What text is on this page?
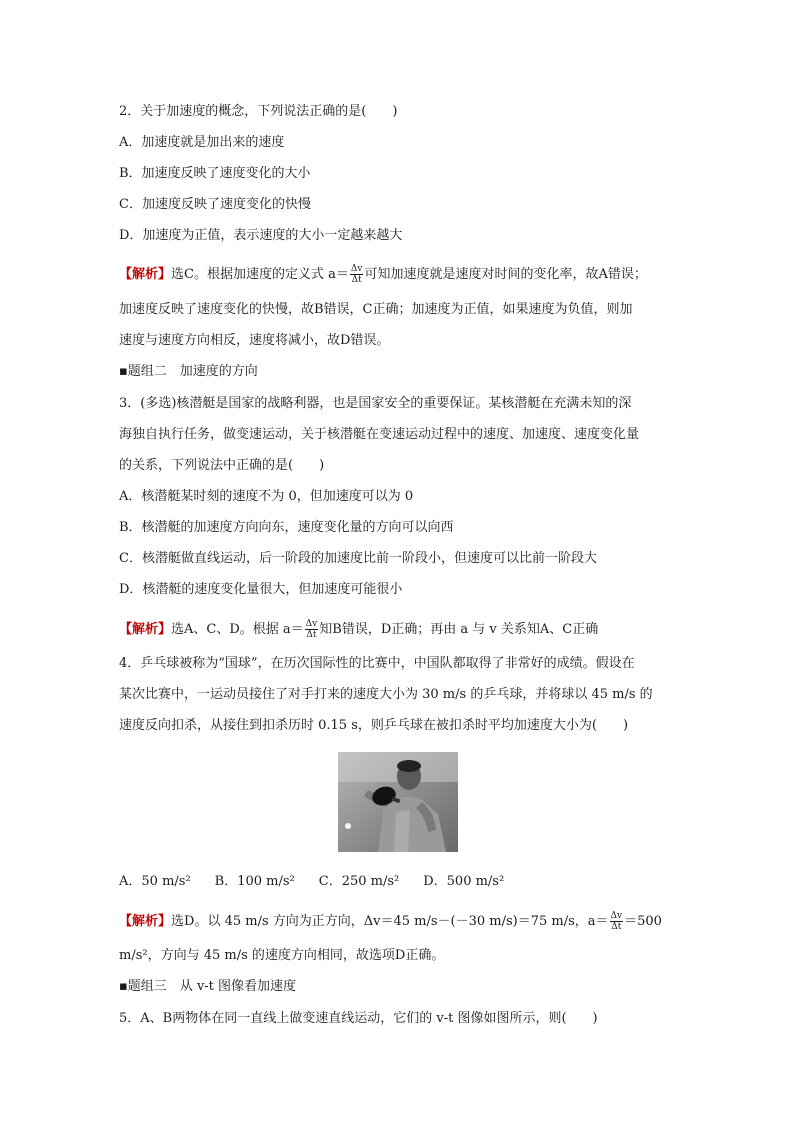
2．关于加速度的概念，下列说法正确的是(　　)
A．加速度就是加出来的速度
B．加速度反映了速度变化的大小
C．加速度反映了速度变化的快慢
D．加速度为正值，表示速度的大小一定越来越大
【解析】选C。根据加速度的定义式 $a= \frac{\Delta v}{\Delta t}$ 可知加速度就是速度对时间的变化率，故A错误；
加速度反映了速度变化的快慢，故B错误，C正确；加速度为正值，如果速度为负值，则加
速度与速度方向相反，速度将减小，故D错误。
▪题组二　加速度的方向
3．(多选)核潜艇是国家的战略利器，也是国家安全的重要保证。某核潜艇在充满未知的深
海独自执行任务，做变速运动，关于核潜艇在变速运动过程中的速度、加速度、速度变化量
的关系，下列说法中正确的是(　　)
A．核潜艇某时刻的速度不为 0，但加速度可以为 0
B．核潜艇的加速度方向向东，速度变化量的方向可以向西
C．核潜艇做直线运动，后一阶段的加速度比前一阶段小，但速度可以比前一阶段大
D．核潜艇的速度变化量很大，但加速度可能很小
【解析】选A、C、D。根据 $a= \frac{\Delta v}{\Delta t}$ 知B错误，D正确；再由 a 与 v 关系知A、C正确
4．乒乓球被称为“国球”，在历次国际性的比赛中，中国队都取得了非常好的成绩。假设在
某次比赛中，一运动员接住了对手打来的速度大小为 30 m/s 的乒乓球，并将球以 45 m/s 的
速度反向扣杀，从接住到扣杀历时 0.15 s，则乒乓球在被扣杀时平均加速度大小为(　　)
A．50 m/s² B．100 m/s² C．250 m/s² D．500 m/s²
【解析】选D。以 45 m/s 方向为正方向，Δv＝45 m/s－(－30 m/s)＝75 m/s，$a= \frac{\Delta v}{\Delta t} =500$
m/s²，方向与 45 m/s 的速度方向相同，故选项D正确。
▪题组三　从 v-t 图像看加速度
5．A、B两物体在同一直线上做变速直线运动，它们的 v-t 图像如图所示，则(　　)
